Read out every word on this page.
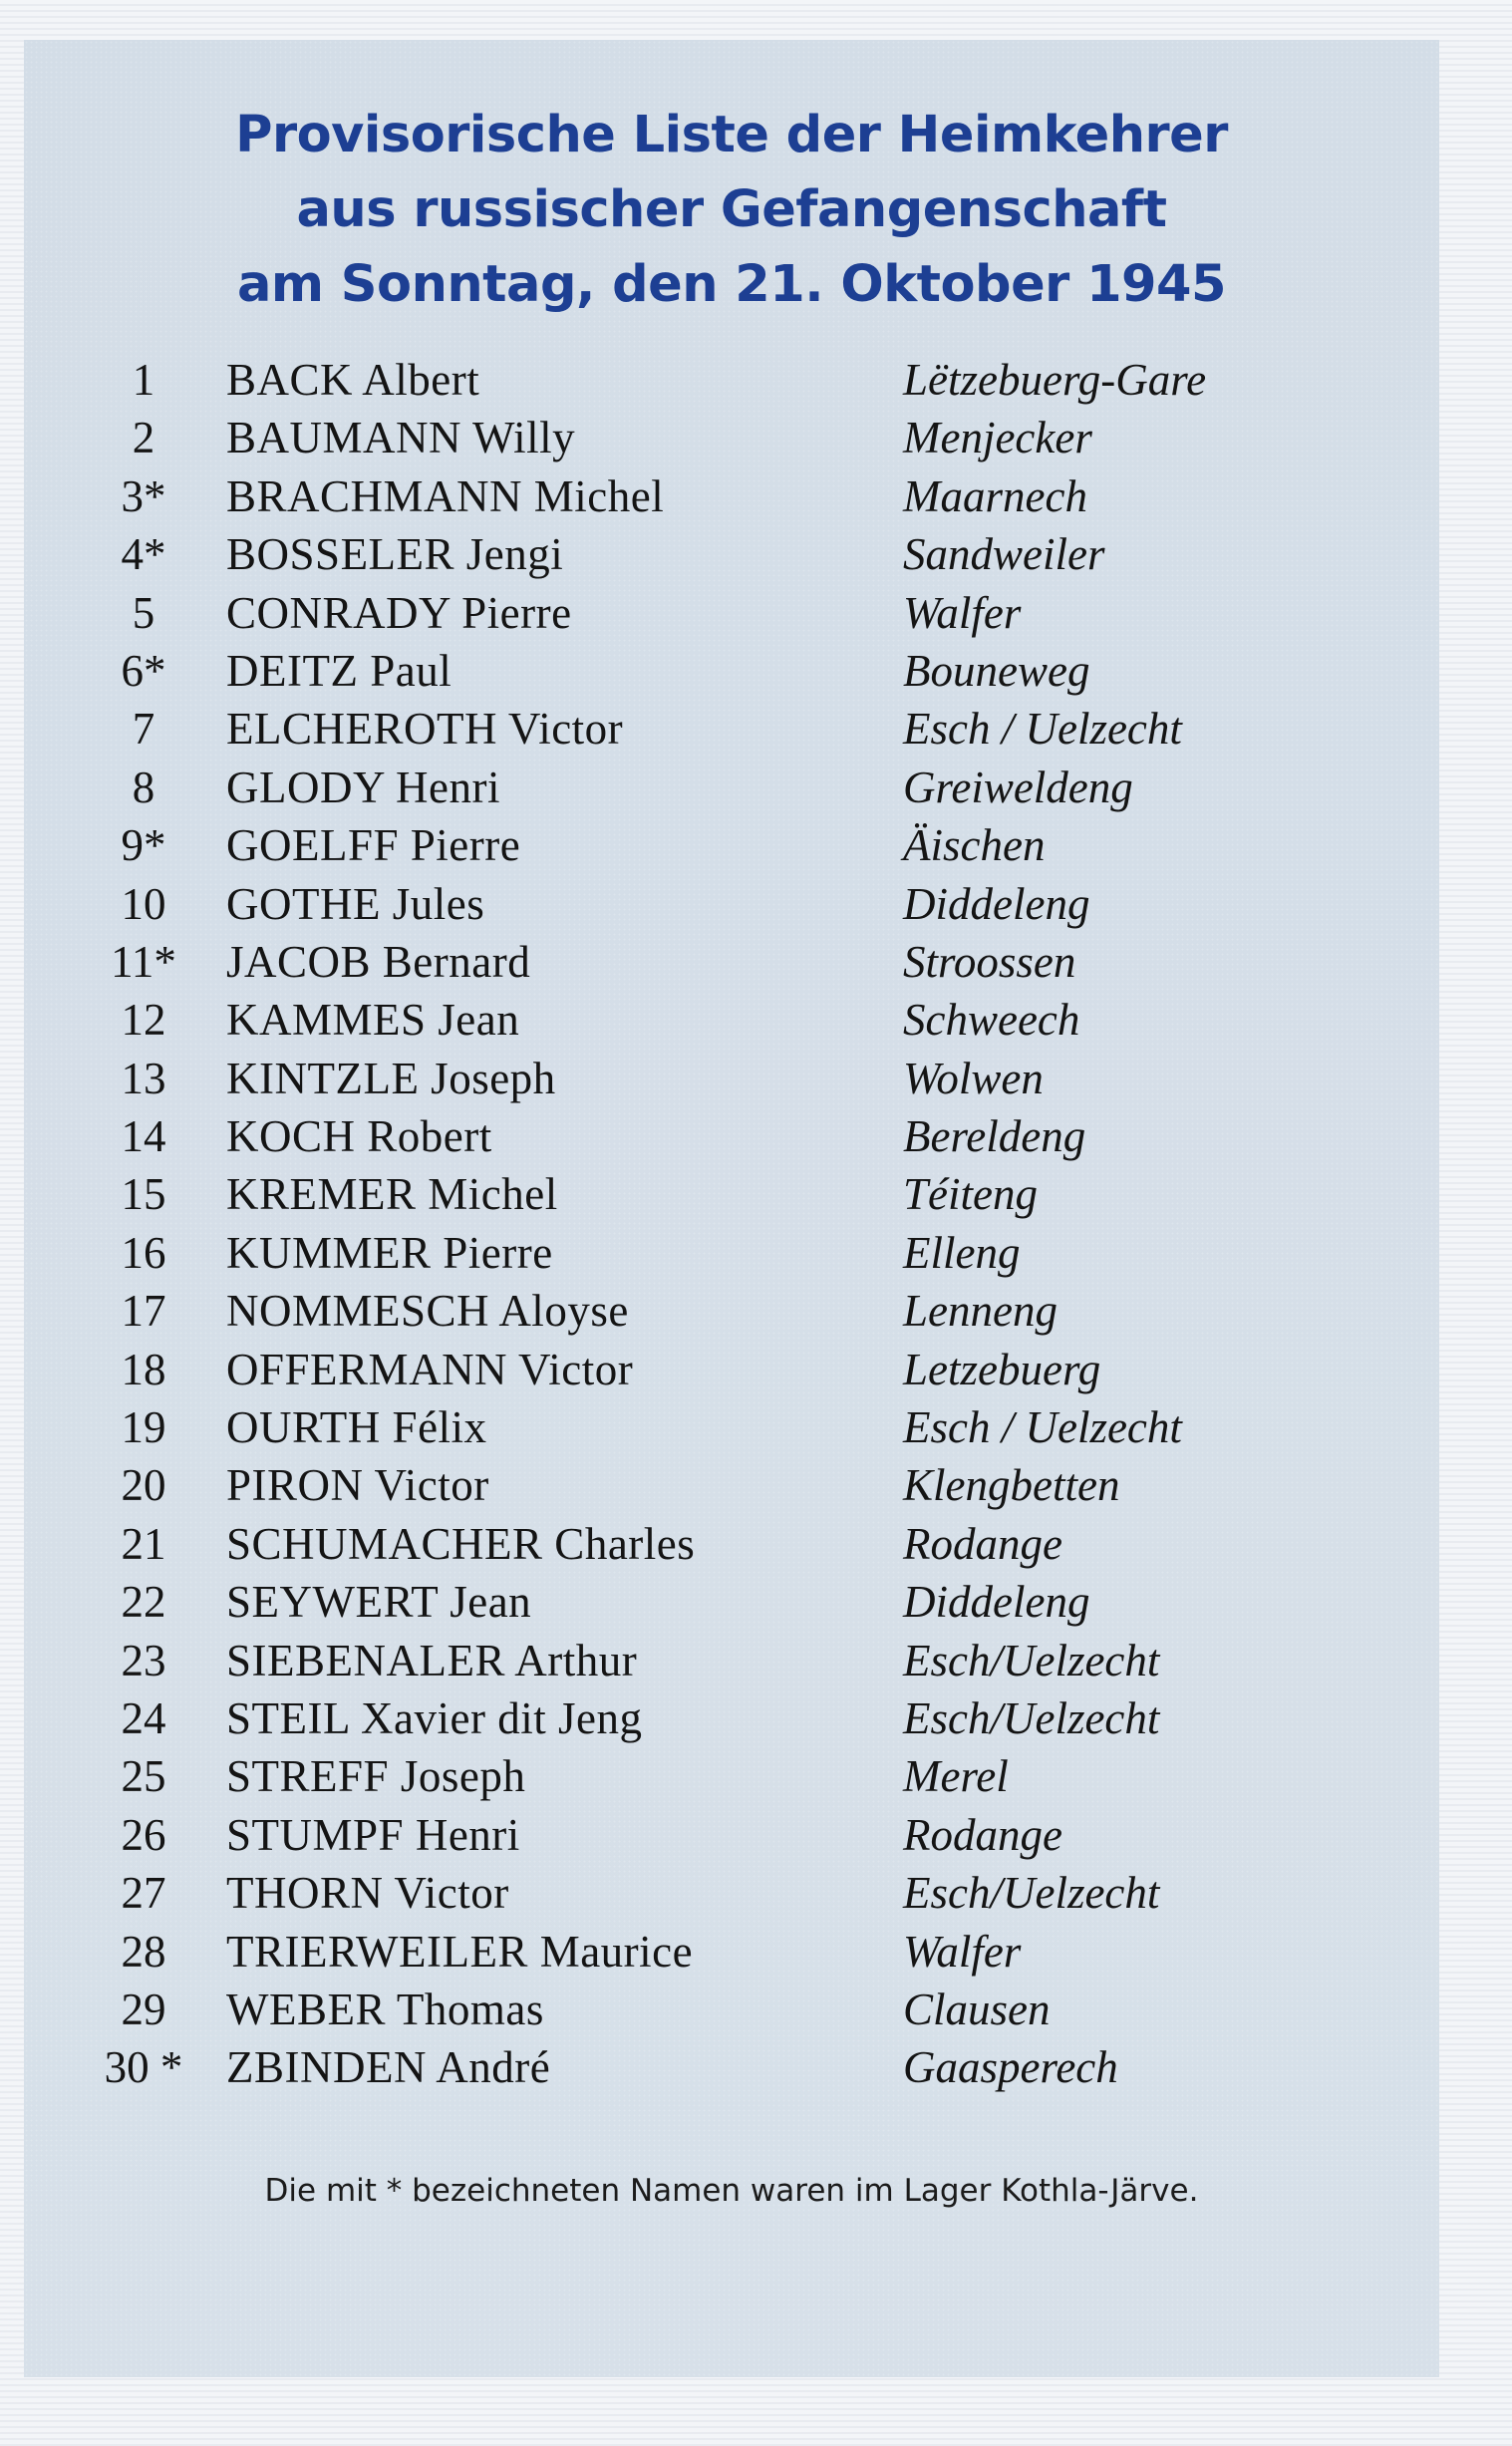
Provisorische Liste der Heimkehrer
aus russischer Gefangenschaft
am Sonntag, den 21. Oktober 1945
1	BACK Albert	Lëtzebuerg-Gare
2	BAUMANN Willy	Menjecker
3*	BRACHMANN Michel	Maarnech
4*	BOSSELER Jengi	Sandweiler
5	CONRADY Pierre	Walfer
6*	DEITZ Paul	Bouneweg
7	ELCHEROTH Victor	Esch / Uelzecht
8	GLODY Henri	Greiweldeng
9*	GOELFF Pierre	Äischen
10	GOTHE Jules	Diddeleng
11*	JACOB Bernard	Stroossen
12	KAMMES Jean	Schweech
13	KINTZLE Joseph	Wolwen
14	KOCH Robert	Bereldeng
15	KREMER Michel	Téiteng
16	KUMMER Pierre	Elleng
17	NOMMESCH Aloyse	Lenneng
18	OFFERMANN Victor	Letzebuerg
19	OURTH Félix	Esch / Uelzecht
20	PIRON Victor	Klengbetten
21	SCHUMACHER Charles	Rodange
22	SEYWERT Jean	Diddeleng
23	SIEBENALER Arthur	Esch/Uelzecht
24	STEIL Xavier dit Jeng	Esch/Uelzecht
25	STREFF Joseph	Merel
26	STUMPF Henri	Rodange
27	THORN Victor	Esch/Uelzecht
28	TRIERWEILER Maurice	Walfer
29	WEBER Thomas	Clausen
30 * ZBINDEN André	Gaasperech
Die mit * bezeichneten Namen waren im Lager Kothla-Järve.
